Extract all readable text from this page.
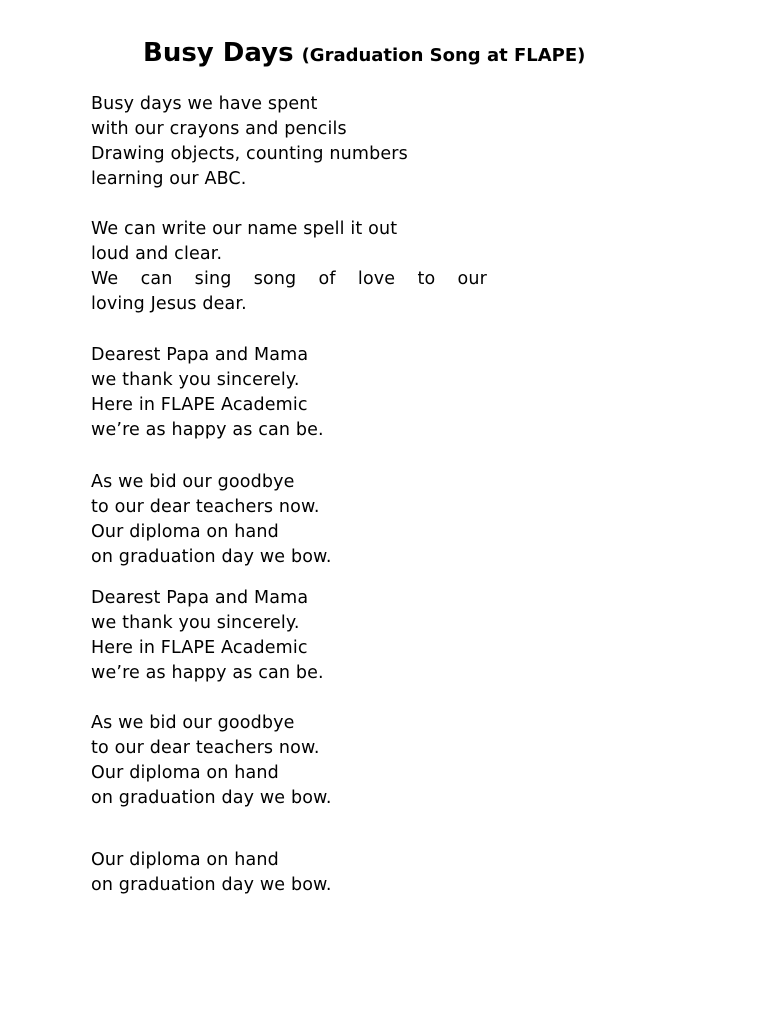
Busy Days (Graduation Song at FLAPE)
Busy days we have spent
with our crayons and pencils
Drawing objects, counting numbers
learning our ABC.
We can write our name spell it out
loud and clear.
We can sing song of love to our
loving Jesus dear.
Dearest Papa and Mama
we thank you sincerely.
Here in FLAPE Academic
we’re as happy as can be.
As we bid our goodbye
to our dear teachers now.
Our diploma on hand
on graduation day we bow.
Dearest Papa and Mama
we thank you sincerely.
Here in FLAPE Academic
we’re as happy as can be.
As we bid our goodbye
to our dear teachers now.
Our diploma on hand
on graduation day we bow.
Our diploma on hand
on graduation day we bow.
